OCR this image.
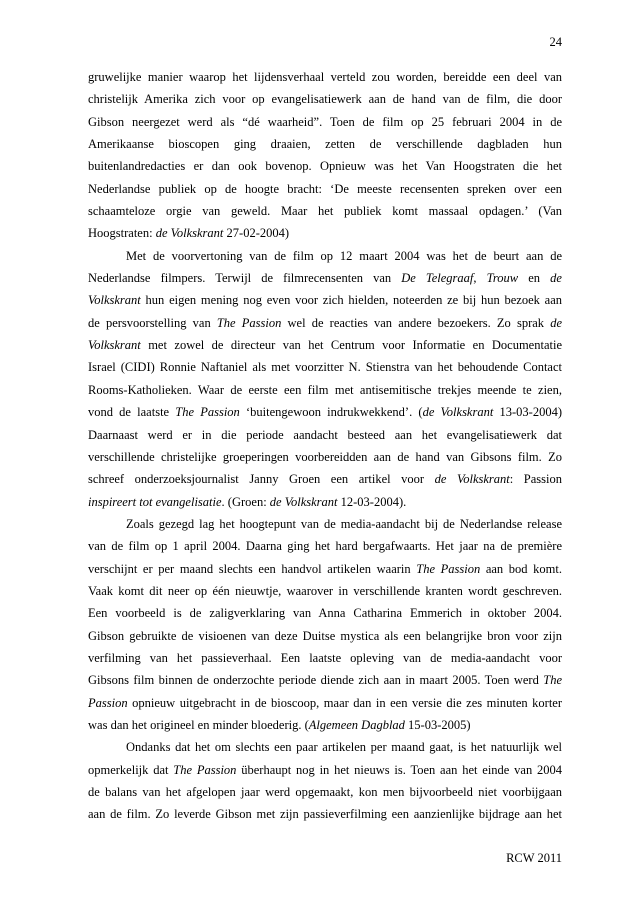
24
gruwelijke manier waarop het lijdensverhaal verteld zou worden, bereidde een deel van
christelijk Amerika zich voor op evangelisatiewerk aan de hand van de film, die door
Gibson neergezet werd als “dé waarheid”. Toen de film op 25 februari 2004 in de
Amerikaanse bioscopen ging draaien, zetten de verschillende dagbladen hun
buitenlandredacties er dan ook bovenop. Opnieuw was het Van Hoogstraten die het
Nederlandse publiek op de hoogte bracht: ‘De meeste recensenten spreken over een
schaamteloze orgie van geweld. Maar het publiek komt massaal opdagen.’ (Van
Hoogstraten: de Volkskrant 27-02-2004)
Met de voorvertoning van de film op 12 maart 2004 was het de beurt aan de
Nederlandse filmpers. Terwijl de filmrecensenten van De Telegraaf, Trouw en de
Volkskrant hun eigen mening nog even voor zich hielden, noteerden ze bij hun bezoek aan
de persvoorstelling van The Passion wel de reacties van andere bezoekers. Zo sprak de
Volkskrant met zowel de directeur van het Centrum voor Informatie en Documentatie
Israel (CIDI) Ronnie Naftaniel als met voorzitter N. Stienstra van het behoudende Contact
Rooms-Katholieken. Waar de eerste een film met antisemitische trekjes meende te zien,
vond de laatste The Passion ‘buitengewoon indrukwekkend’. (de Volkskrant 13-03-2004)
Daarnaast werd er in die periode aandacht besteed aan het evangelisatiewerk dat
verschillende christelijke groeperingen voorbereidden aan de hand van Gibsons film. Zo
schreef onderzoeksjournalist Janny Groen een artikel voor de Volkskrant: Passion
inspireert tot evangelisatie. (Groen: de Volkskrant 12-03-2004).
Zoals gezegd lag het hoogtepunt van de media-aandacht bij de Nederlandse release
van de film op 1 april 2004. Daarna ging het hard bergafwaarts. Het jaar na de première
verschijnt er per maand slechts een handvol artikelen waarin The Passion aan bod komt.
Vaak komt dit neer op één nieuwtje, waarover in verschillende kranten wordt geschreven.
Een voorbeeld is de zaligverklaring van Anna Catharina Emmerich in oktober 2004.
Gibson gebruikte de visioenen van deze Duitse mystica als een belangrijke bron voor zijn
verfilming van het passieverhaal. Een laatste opleving van de media-aandacht voor
Gibsons film binnen de onderzochte periode diende zich aan in maart 2005. Toen werd The
Passion opnieuw uitgebracht in de bioscoop, maar dan in een versie die zes minuten korter
was dan het origineel en minder bloederig. (Algemeen Dagblad 15-03-2005)
Ondanks dat het om slechts een paar artikelen per maand gaat, is het natuurlijk wel
opmerkelijk dat The Passion überhaupt nog in het nieuws is. Toen aan het einde van 2004
de balans van het afgelopen jaar werd opgemaakt, kon men bijvoorbeeld niet voorbijgaan
aan de film. Zo leverde Gibson met zijn passieverfilming een aanzienlijke bijdrage aan het
RCW 2011
